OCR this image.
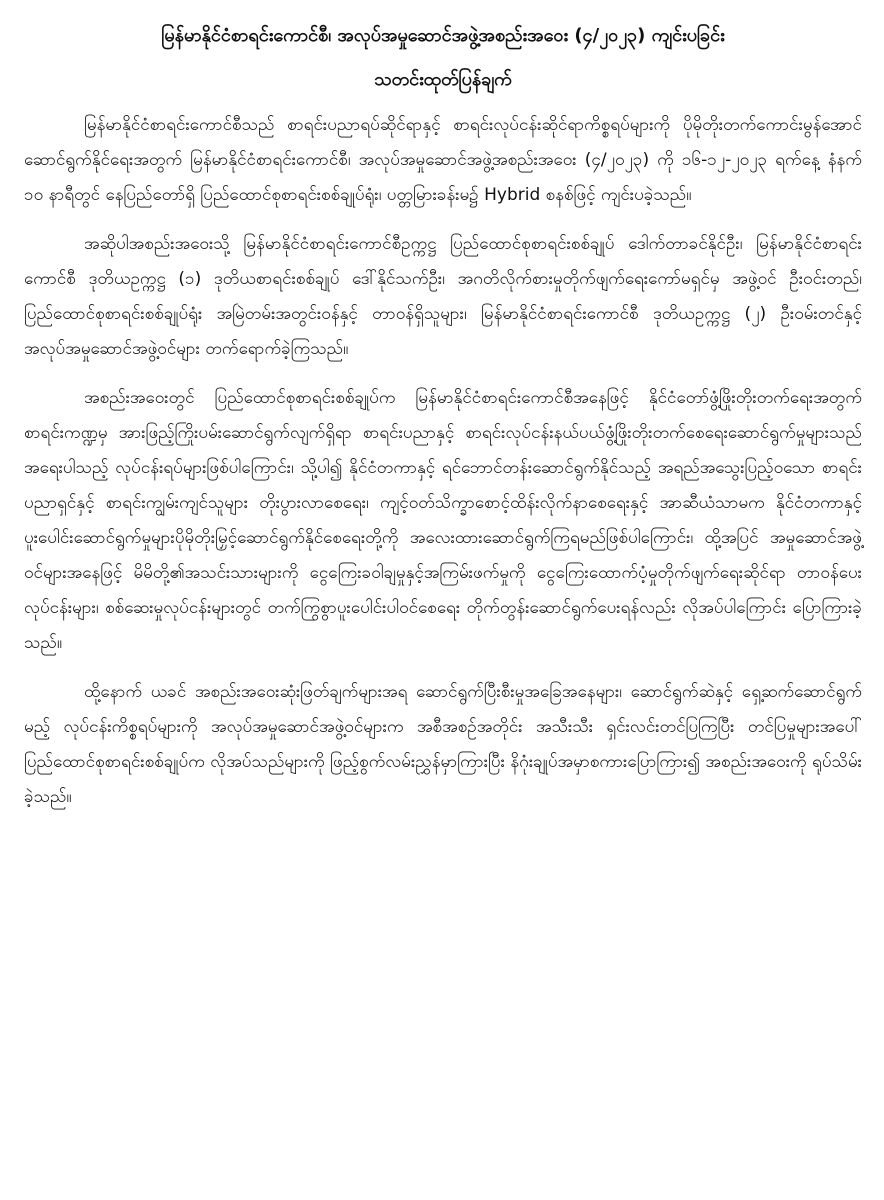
မြန်မာနိုင်ငံစာရင်းကောင်စီ၊ အလုပ်အမှုဆောင်အဖွဲ့အစည်းအဝေး (၄/၂၀၂၃) ကျင်းပခြင်း
သတင်းထုတ်ပြန်ချက်

မြန်မာနိုင်ငံစာရင်းကောင်စီသည် စာရင်းပညာရပ်ဆိုင်ရာနှင့် စာရင်းလုပ်ငန်းဆိုင်ရာကိစ္စရပ်များကို ပိုမိုတိုးတက်ကောင်းမွန်အောင်ဆောင်ရွက်နိုင်ရေးအတွက် မြန်မာနိုင်ငံစာရင်းကောင်စီ၊ အလုပ်အမှုဆောင်အဖွဲ့အစည်းအဝေး (၄/၂၀၂၃) ကို ၁၆-၁၂-၂၀၂၃ ရက်နေ့ နံနက် ၁၀ နာရီတွင် နေပြည်တော်ရှိ ပြည်ထောင်စုစာရင်းစစ်ချုပ်ရုံး၊ ပတ္တမြားခန်းမ၌ Hybrid စနစ်ဖြင့် ကျင်းပခဲ့သည်။

အဆိုပါအစည်းအဝေးသို့ မြန်မာနိုင်ငံစာရင်းကောင်စီဥက္ကဋ္ဌ ပြည်ထောင်စုစာရင်းစစ်ချုပ် ဒေါက်တာခင်နိုင်ဦး၊ မြန်မာနိုင်ငံစာရင်းကောင်စီ ဒုတိယဥက္ကဋ္ဌ (၁) ဒုတိယစာရင်းစစ်ချုပ် ဒေါ်နိုင်သက်ဦး၊ အဂတိလိုက်စားမှုတိုက်ဖျက်ရေးကော်မရှင်မှ အဖွဲ့ဝင် ဦးဝင်းတည်၊ ပြည်ထောင်စုစာရင်းစစ်ချုပ်ရုံး အမြဲတမ်းအတွင်းဝန်နှင့် တာဝန်ရှိသူများ၊ မြန်မာနိုင်ငံစာရင်းကောင်စီ ဒုတိယဥက္ကဋ္ဌ (၂) ဦးဝမ်းတင်နှင့် အလုပ်အမှုဆောင်အဖွဲ့ဝင်များ တက်ရောက်ခဲ့ကြသည်။

အစည်းအဝေးတွင် ပြည်ထောင်စုစာရင်းစစ်ချုပ်က မြန်မာနိုင်ငံစာရင်းကောင်စီအနေဖြင့် နိုင်ငံတော်ဖွံ့ဖြိုးတိုးတက်ရေးအတွက် စာရင်းကဏ္ဍမှ အားဖြည့်ကြိုးပမ်းဆောင်ရွက်လျက်ရှိရာ စာရင်းပညာနှင့် စာရင်းလုပ်ငန်းနယ်ပယ်ဖွံ့ဖြိုးတိုးတက်စေရေးဆောင်ရွက်မှုများသည် အရေးပါသည့် လုပ်ငန်းရပ်များဖြစ်ပါကြောင်း၊ သို့ပါ၍ နိုင်ငံတကာနှင့် ရင်ဘောင်တန်းဆောင်ရွက်နိုင်သည့် အရည်အသွေးပြည့်ဝသော စာရင်းပညာရှင်နှင့် စာရင်းကျွမ်းကျင်သူများ တိုးပွားလာစေရေး၊ ကျင့်ဝတ်သိက္ခာစောင့်ထိန်းလိုက်နာစေရေးနှင့် အာဆီယံသာမက နိုင်ငံတကာနှင့် ပူးပေါင်းဆောင်ရွက်မှုများပိုမိုတိုးမြှင့်ဆောင်ရွက်နိုင်စေရေးတို့ကို အလေးထားဆောင်ရွက်ကြရမည်ဖြစ်ပါကြောင်း၊ ထို့အပြင် အမှုဆောင်အဖွဲ့ဝင်များအနေဖြင့် မိမိတို့၏အသင်းသားများကို ငွေကြေးခဝါချမှုနှင့်အကြမ်းဖက်မှုကို ငွေကြေးထောက်ပံ့မှုတိုက်ဖျက်ရေးဆိုင်ရာ တာဝန်ပေးလုပ်ငန်းများ၊ စစ်ဆေးမှုလုပ်ငန်းများတွင် တက်ကြွစွာပူးပေါင်းပါဝင်စေရေး တိုက်တွန်းဆောင်ရွက်ပေးရန်လည်း လိုအပ်ပါကြောင်း ပြောကြားခဲ့သည်။

ထို့နောက် ယခင် အစည်းအဝေးဆုံးဖြတ်ချက်များအရ ဆောင်ရွက်ပြီးစီးမှုအခြေအနေများ၊ ဆောင်ရွက်ဆဲနှင့် ရှေ့ဆက်ဆောင်ရွက်မည့် လုပ်ငန်းကိစ္စရပ်များကို အလုပ်အမှုဆောင်အဖွဲ့ဝင်များက အစီအစဉ်အတိုင်း အသီးသီး ရှင်းလင်းတင်ပြကြပြီး တင်ပြမှုများအပေါ် ပြည်ထောင်စုစာရင်းစစ်ချုပ်က လိုအပ်သည်များကို ဖြည့်စွက်လမ်းညွှန်မှာကြားပြီး နိဂုံးချုပ်အမှာစကားပြောကြား၍ အစည်းအဝေးကို ရုပ်သိမ်းခဲ့သည်။
